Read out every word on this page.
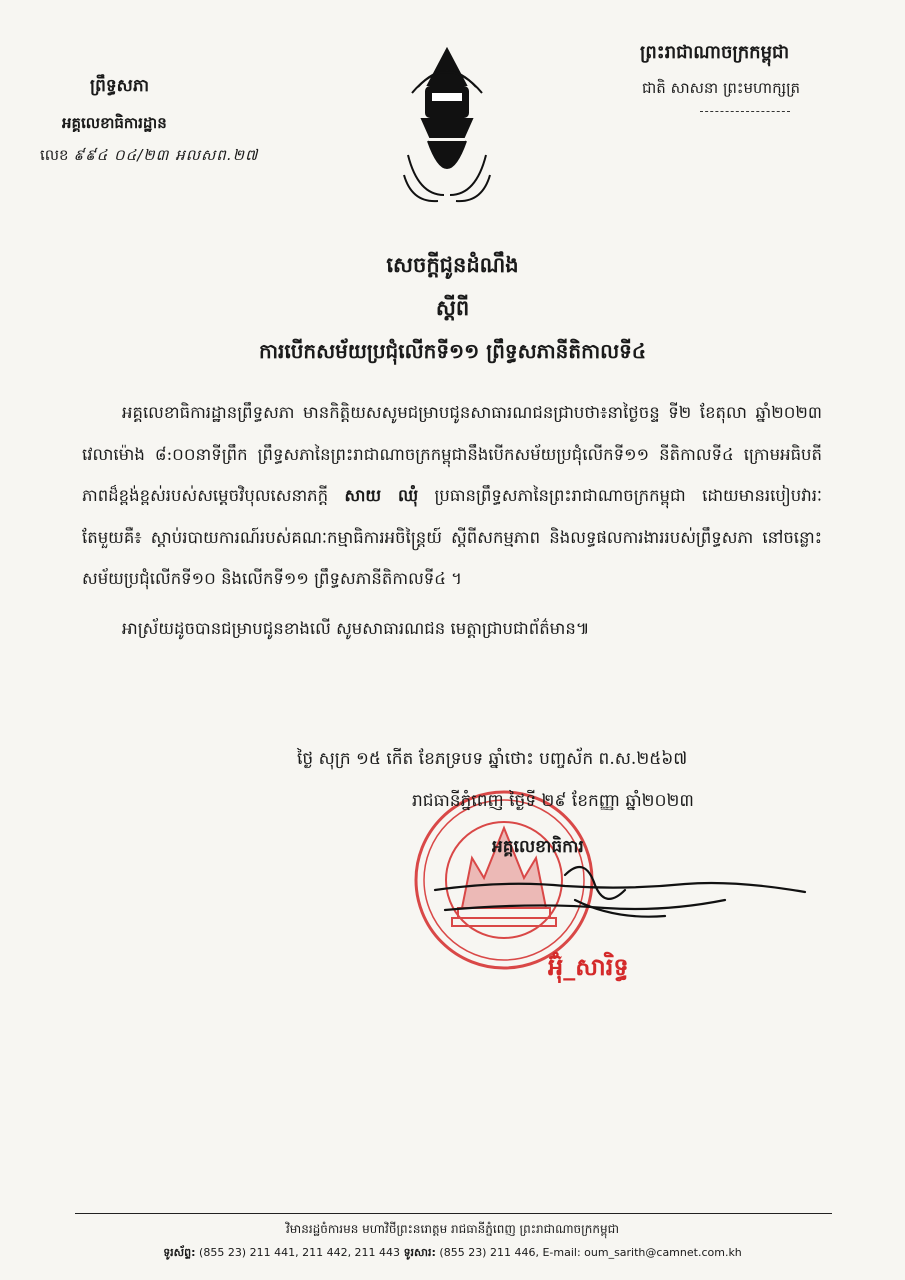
ព្រឹទ្ធសភា
អគ្គលេខាធិការដ្ឋាន
លេខ ៩៩៤ ០៤/២៣ អលសព.២៧
ព្រះរាជាណាចក្រកម្ពុជា
ជាតិ សាសនា ព្រះមហាក្សត្រ
សេចក្តីជូនដំណឹង
ស្តីពី
ការបើកសម័យប្រជុំលើកទី១១ ព្រឹទ្ធសភានីតិកាលទី៤

អគ្គលេខាធិការដ្ឋានព្រឹទ្ធសភា មានកិត្តិយសសូមជម្រាបជូនសាធារណជនជ្រាបថា៖នាថ្ងៃចន្ទ ទី២ ខែតុលា ឆ្នាំ២០២៣ វេលាម៉ោង ៨:០០នាទីព្រឹក ព្រឹទ្ធសភានៃព្រះរាជាណាចក្រកម្ពុជានឹងបើកសម័យប្រជុំលើកទី១១ នីតិកាលទី៤ ក្រោមអធិបតីភាពដ៏ខ្ពង់ខ្ពស់របស់សម្តេចវិបុលសេនាភក្តី សាយ ឈុំ ប្រធានព្រឹទ្ធសភានៃព្រះរាជាណាចក្រកម្ពុជា ដោយមានរបៀបវារៈតែមួយគឺ៖ ស្តាប់របាយការណ៍របស់គណៈកម្មាធិការអចិន្ត្រៃយ៍ ស្តីពីសកម្មភាព និងលទ្ធផលការងាររបស់ព្រឹទ្ធសភា នៅចន្លោះសម័យប្រជុំលើកទី១០ និងលើកទី១១ ព្រឹទ្ធសភានីតិកាលទី៤ ។

អាស្រ័យដូចបានជម្រាបជូនខាងលើ សូមសាធារណជន មេត្តាជ្រាបជាព័ត៌មាន៕

ថ្ងៃ សុក្រ ១៥ កើត ខែភទ្របទ ឆ្នាំថោះ បញ្ចស័ក ព.ស.២៥៦៧
រាជធានីភ្នំពេញ ថ្ងៃទី ២៩ ខែកញ្ញា ឆ្នាំ២០២៣
អគ្គលេខាធិការ
អ៊ុំ_សារិទ្ធ
វិមានរដ្ឋចំការមន មហាវិថីព្រះនរោត្តម រាជធានីភ្នំពេញ ព្រះរាជាណាចក្រកម្ពុជា
ទូរស័ព្ទ: (855 23) 211 441, 211 442, 211 443 ទូរសារ: (855 23) 211 446, E-mail: oum_sarith@camnet.com.kh
